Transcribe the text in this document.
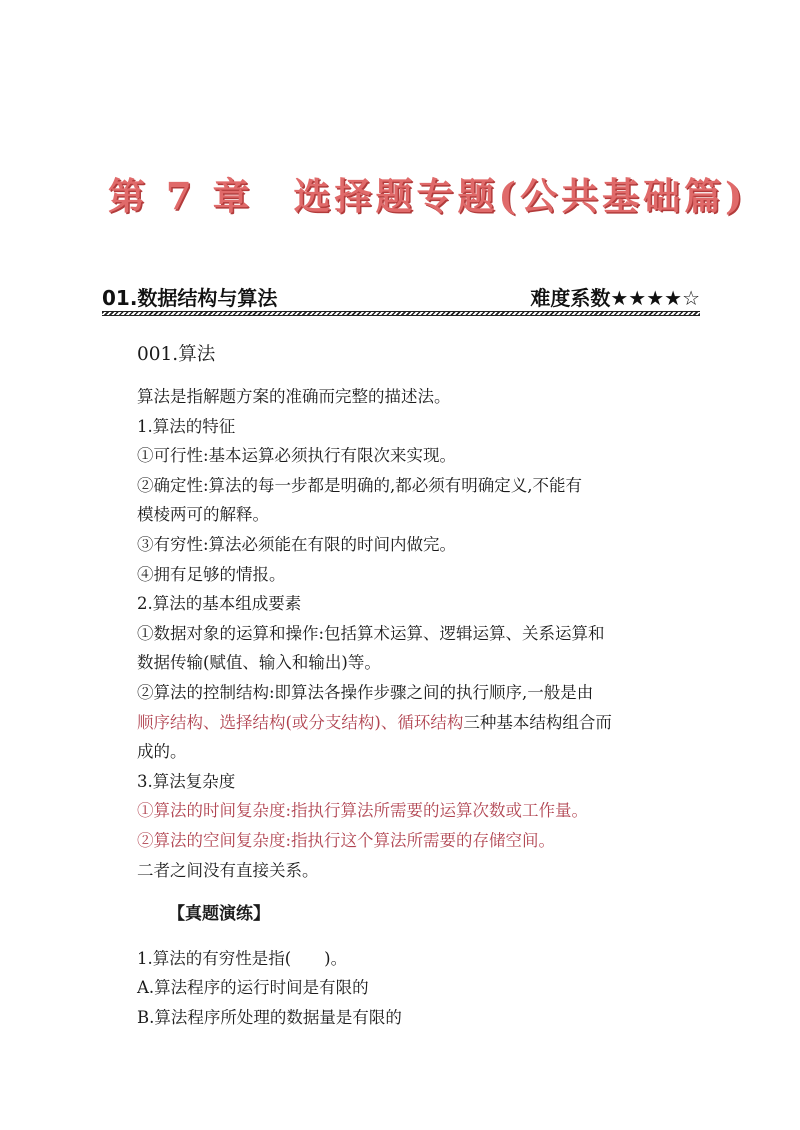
第 7 章 选择题专题(公共基础篇)
01.数据结构与算法	难度系数★★★★☆

001.算法

算法是指解题方案的准确而完整的描述法。

1.算法的特征

①可行性:基本运算必须执行有限次来实现。

②确定性:算法的每一步都是明确的,都必须有明确定义,不能有

模棱两可的解释。

③有穷性:算法必须能在有限的时间内做完。

④拥有足够的情报。

2.算法的基本组成要素

①数据对象的运算和操作:包括算术运算、逻辑运算、关系运算和

数据传输(赋值、输入和输出)等。

②算法的控制结构:即算法各操作步骤之间的执行顺序,一般是由

顺序结构、选择结构(或分支结构)、循环结构三种基本结构组合而

成的。

3.算法复杂度

①算法的时间复杂度:指执行算法所需要的运算次数或工作量。

②算法的空间复杂度:指执行这个算法所需要的存储空间。

二者之间没有直接关系。

【真题演练】

1.算法的有穷性是指(　　)。

A.算法程序的运行时间是有限的

B.算法程序所处理的数据量是有限的
